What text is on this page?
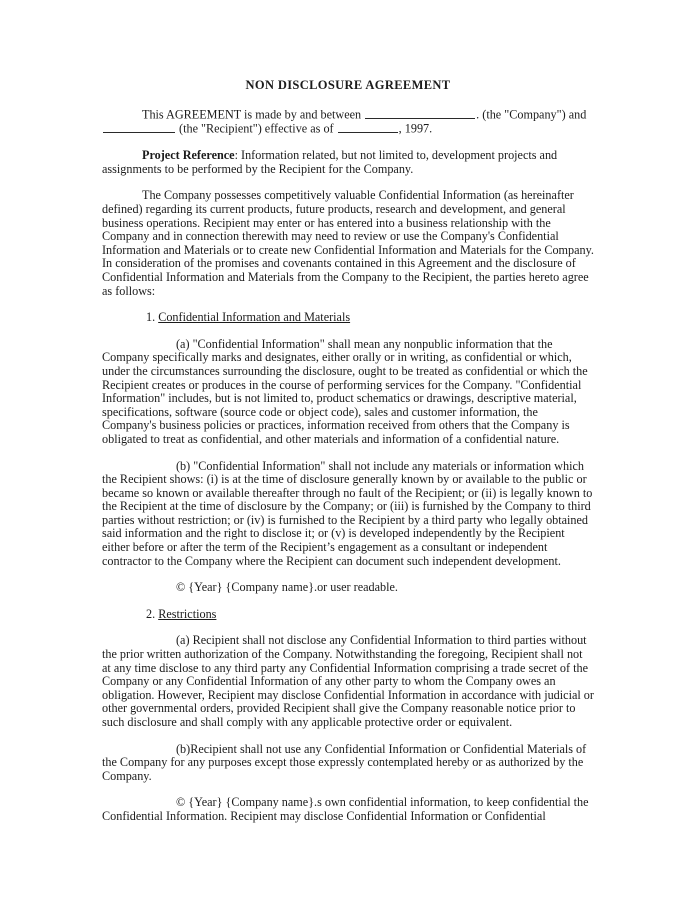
NON DISCLOSURE AGREEMENT

This AGREEMENT is made by and between	. (the "Company") and  (the "Recipient") effective as of	, 1997.

Project Reference: Information related, but not limited to, development projects and assignments to be performed by the Recipient for the Company.

The Company possesses competitively valuable Confidential Information (as hereinafter defined) regarding its current products, future products, research and development, and general business operations. Recipient may enter or has entered into a business relationship with the Company and in connection therewith may need to review or use the Company's Confidential Information and Materials or to create new Confidential Information and Materials for the Company. In consideration of the promises and covenants contained in this Agreement and the disclosure of Confidential Information and Materials from the Company to the Recipient, the parties hereto agree as follows:

1. Confidential Information and Materials

(a) "Confidential Information" shall mean any nonpublic information that the Company specifically marks and designates, either orally or in writing, as confidential or which, under the circumstances surrounding the disclosure, ought to be treated as confidential or which the Recipient creates or produces in the course of performing services for the Company. "Confidential Information" includes, but is not limited to, product schematics or drawings, descriptive material, specifications, software (source code or object code), sales and customer information, the Company's business policies or practices, information received from others that the Company is obligated to treat as confidential, and other materials and information of a confidential nature.

(b) "Confidential Information" shall not include any materials or information which the Recipient shows: (i) is at the time of disclosure generally known by or available to the public or became so known or available thereafter through no fault of the Recipient; or (ii) is legally known to the Recipient at the time of disclosure by the Company; or (iii) is furnished by the Company to third parties without restriction; or (iv) is furnished to the Recipient by a third party who legally obtained said information and the right to disclose it; or (v) is developed independently by the Recipient either before or after the term of the Recipient’s engagement as a consultant or independent contractor to the Company where the Recipient can document such independent development.

© {Year} {Company name}.or user readable.

2. Restrictions

(a) Recipient shall not disclose any Confidential Information to third parties without the prior written authorization of the Company. Notwithstanding the foregoing, Recipient shall not at any time disclose to any third party any Confidential Information comprising a trade secret of the Company or any Confidential Information of any other party to whom the Company owes an obligation. However, Recipient may disclose Confidential Information in accordance with judicial or other governmental orders, provided Recipient shall give the Company reasonable notice prior to such disclosure and shall comply with any applicable protective order or equivalent.

(b)Recipient shall not use any Confidential Information or Confidential Materials of the Company for any purposes except those expressly contemplated hereby or as authorized by the Company.

© {Year} {Company name}.s own confidential information, to keep confidential the

Confidential Information. Recipient may disclose Confidential Information or Confidential
